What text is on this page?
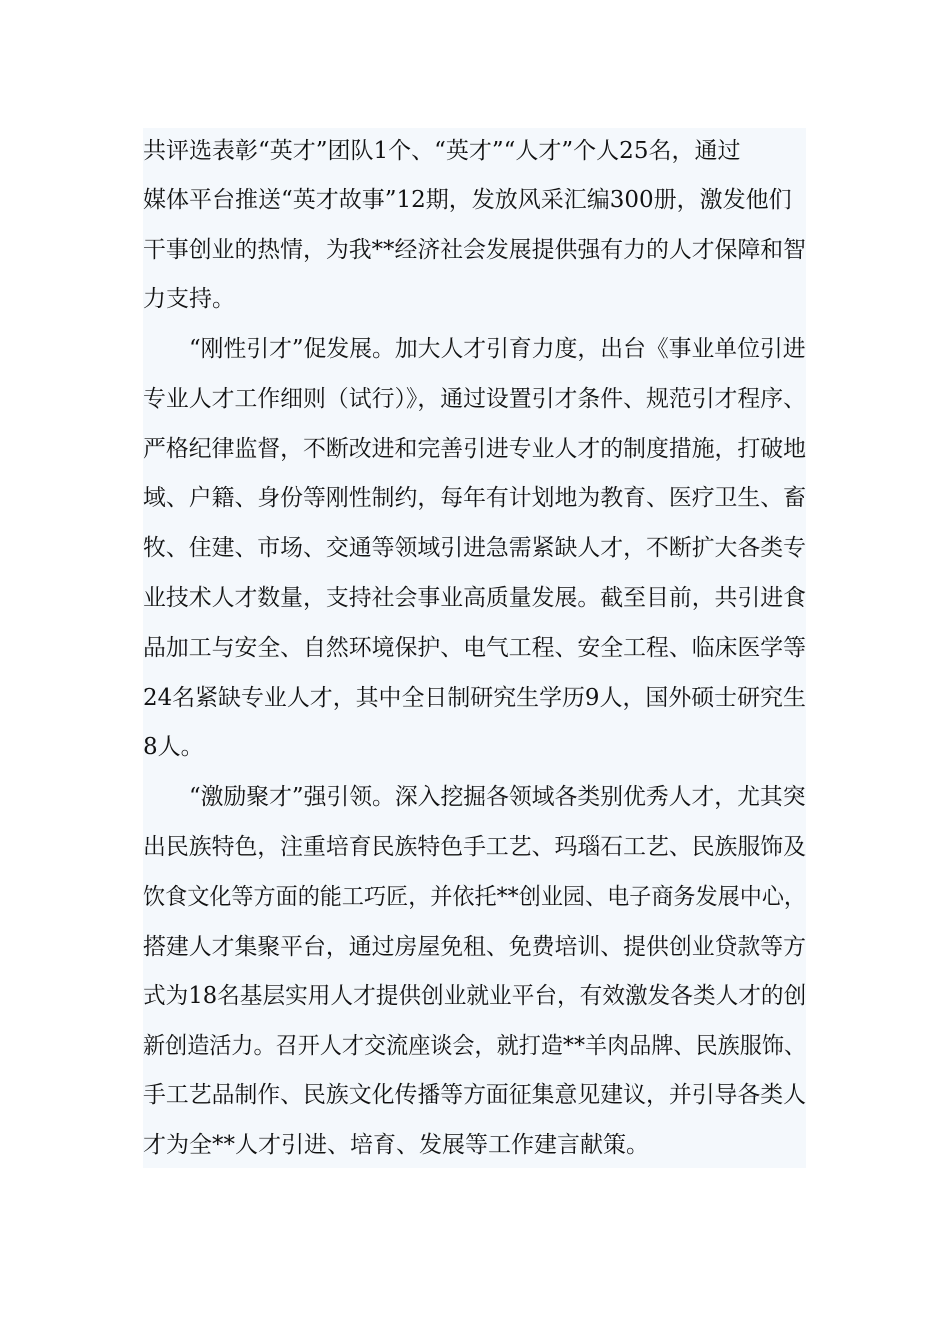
共评选表彰“英才”团队1个、“英才”“人才”个人25名，通过
媒体平台推送“英才故事”12期，发放风采汇编300册，激发他们
干事创业的热情，为我**经济社会发展提供强有力的人才保障和智
力支持。
“刚性引才”促发展。加大人才引育力度，出台《事业单位引进
专业人才工作细则（试行）》，通过设置引才条件、规范引才程序、
严格纪律监督，不断改进和完善引进专业人才的制度措施，打破地
域、户籍、身份等刚性制约，每年有计划地为教育、医疗卫生、畜
牧、住建、市场、交通等领域引进急需紧缺人才，不断扩大各类专
业技术人才数量，支持社会事业高质量发展。截至目前，共引进食
品加工与安全、自然环境保护、电气工程、安全工程、临床医学等
24名紧缺专业人才，其中全日制研究生学历9人，国外硕士研究生
8人。
“激励聚才”强引领。深入挖掘各领域各类别优秀人才，尤其突
出民族特色，注重培育民族特色手工艺、玛瑙石工艺、民族服饰及
饮食文化等方面的能工巧匠，并依托**创业园、电子商务发展中心，
搭建人才集聚平台，通过房屋免租、免费培训、提供创业贷款等方
式为18名基层实用人才提供创业就业平台，有效激发各类人才的创
新创造活力。召开人才交流座谈会，就打造**羊肉品牌、民族服饰、
手工艺品制作、民族文化传播等方面征集意见建议，并引导各类人
才为全**人才引进、培育、发展等工作建言献策。
